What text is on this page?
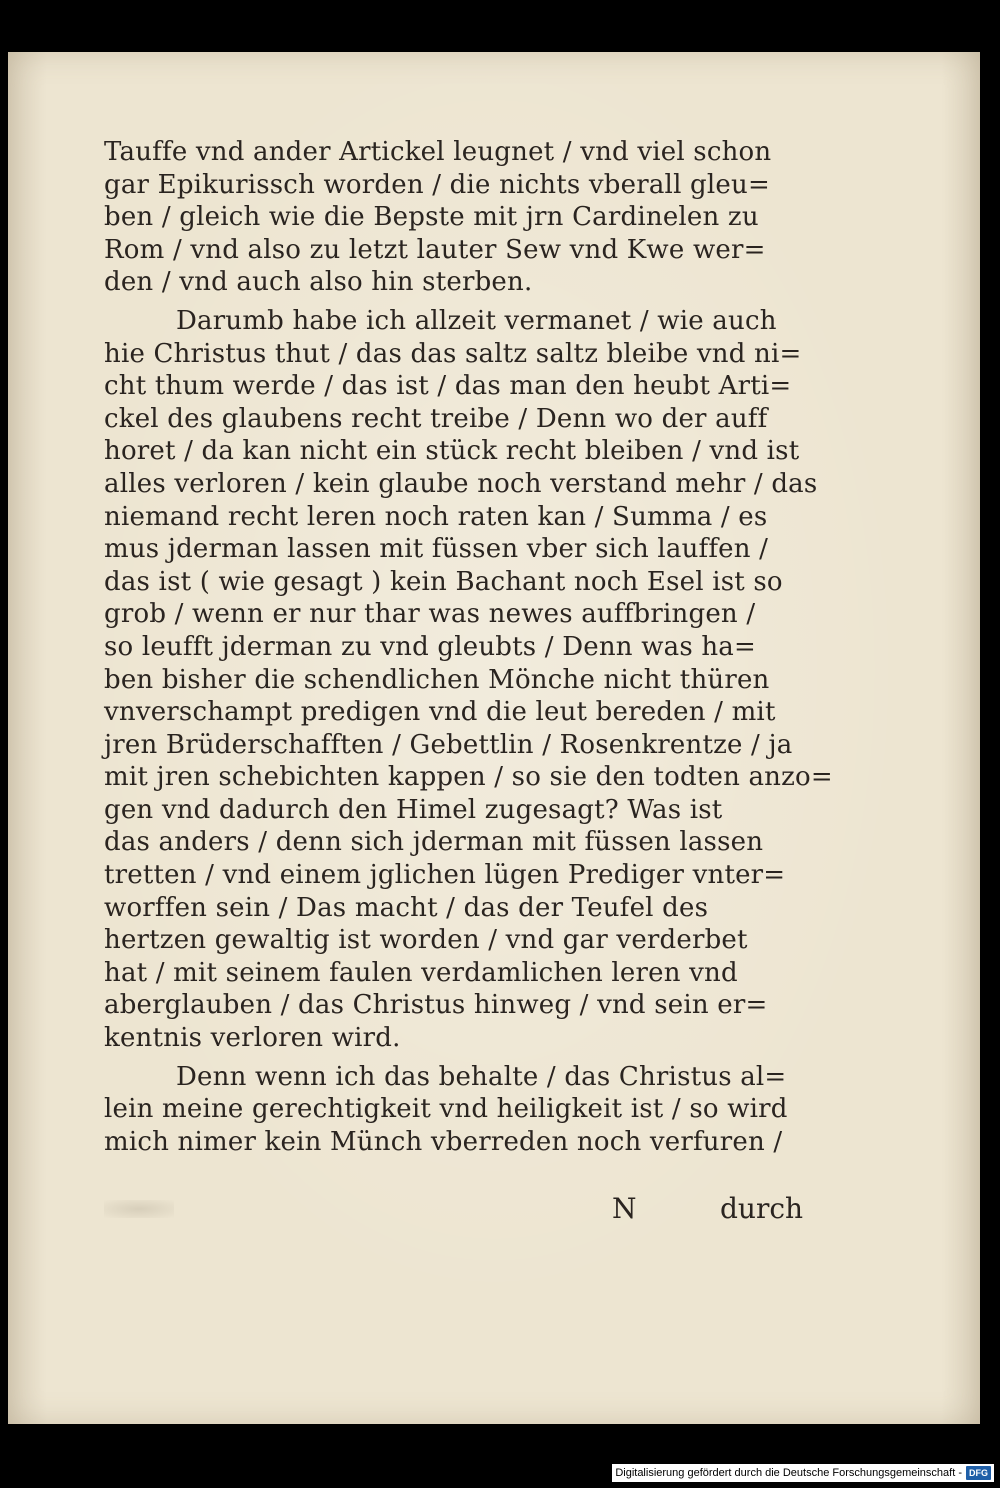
Tauffe vnd ander Artickel leugnet / vnd viel schon
gar Epikurissch worden / die nichts vberall gleu=
ben / gleich wie die Bepste mit jrn Cardinelen zu
Rom / vnd also zu letzt lauter Sew vnd Kwe wer=
den / vnd auch also hin sterben.
Darumb habe ich allzeit vermanet / wie auch
hie Christus thut / das das saltz saltz bleibe vnd ni=
cht thum werde / das ist / das man den heubt Arti=
ckel des glaubens recht treibe / Denn wo der auff
horet / da kan nicht ein stück recht bleiben / vnd ist
alles verloren / kein glaube noch verstand mehr / das
niemand recht leren noch raten kan / Summa / es
mus jderman lassen mit füssen vber sich lauffen /
das ist ( wie gesagt ) kein Bachant noch Esel ist so
grob / wenn er nur thar was newes auffbringen /
so leufft jderman zu vnd gleubts / Denn was ha=
ben bisher die schendlichen Mönche nicht thüren
vnverschampt predigen vnd die leut bereden / mit
jren Brüderschafften / Gebettlin / Rosenkrentze / ja
mit jren schebichten kappen / so sie den todten anzo=
gen vnd dadurch den Himel zugesagt? Was ist
das anders / denn sich jderman mit füssen lassen
tretten / vnd einem jglichen lügen Prediger vnter=
worffen sein / Das macht / das der Teufel des
hertzen gewaltig ist worden / vnd gar verderbet
hat / mit seinem faulen verdamlichen leren vnd
aberglauben / das Christus hinweg / vnd sein er=
kentnis verloren wird.
Denn wenn ich das behalte / das Christus al=
lein meine gerechtigkeit vnd heiligkeit ist / so wird
mich nimer kein Münch vberreden noch verfuren /
N	durch
Digitalisierung gefördert durch die Deutsche Forschungsgemeinschaft - DFG
